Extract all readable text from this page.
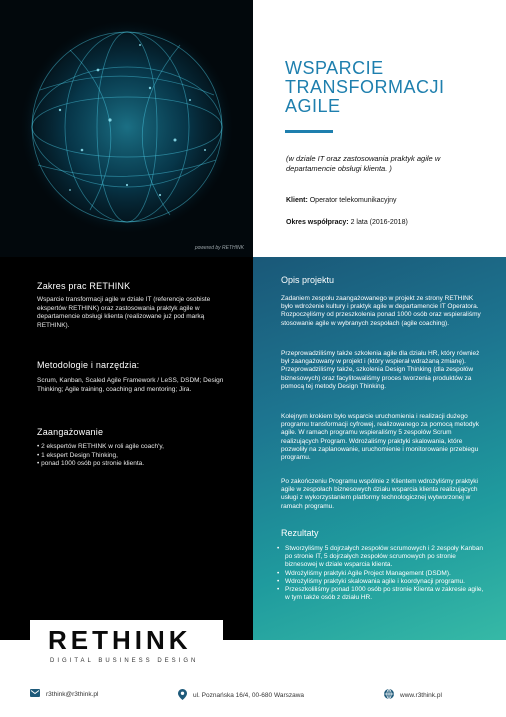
powered by RETHINK
WSPARCIE
TRANSFORMACJI
AGILE
(w dziale IT oraz zastosowania praktyk agile w departamencie obsługi klienta. )
Klient: Operator telekomunikacyjny
Okres współpracy: 2 lata (2016-2018)
Zakres prac RETHINK

Wsparcie transformacji agile w dziale IT (referencje osobiste ekspertów RETHINK) oraz zastosowania praktyk agile w departamencie obsługi klienta (realizowane już pod marką RETHINK).

Metodologie i narzędzia:

Scrum, Kanban, Scaled Agile Framework / LeSS, DSDM; Design Thinking; Agile training, coaching and mentoring; Jira.

Zaangażowanie
• 2 ekspertów RETHINK w roli agile coach'y,
• 1 ekspert Design Thinking,
• ponad 1000 osób po stronie klienta.
Opis projektu

Zadaniem zespołu zaangażowanego w projekt ze strony RETHINK było wdrożenie kultury i praktyk agile w departamencie IT Operatora. Rozpoczęliśmy od przeszkolenia ponad 1000 osób oraz wspieraliśmy stosowanie agile w wybranych zespołach (agile coaching).

Przeprowadziliśmy także szkolenia agile dla działu HR, który również był zaangażowany w projekt i (który wspierał wdrażaną zmianę). Przeprowadziliśmy także, szkolenia Design Thinking (dla zespołów biznesowych) oraz facylitowaliśmy proces tworzenia produktów za pomocą tej metody Design Thinking.

Kolejnym krokiem było wsparcie uruchomienia i realizacji dużego programu transformacji cyfrowej, realizowanego za pomocą metodyk agile. W ramach programu wspieraliśmy 5 zespołów Scrum realizujących Program. Wdrożaliśmy praktyki skalowania, które pozwoliły na zaplanowanie, uruchomienie i monitorowanie przebiegu programu.

Po zakończeniu Programu wspólnie z Klientem wdrożyliśmy praktyki agile w zespołach biznesowych działu wsparcia klienta realizujących usługi z wykorzystaniem platformy technologicznej wytworzonej w ramach programu.

Rezultaty
• Stworzyliśmy 5 dojrzałych zespołów scrumowych i 2 zespoły Kanban po stronie IT, 5 dojrzałych zespołów scrumowych po stronie biznesowej w dziale wsparcia klienta.
• Wdrożyliśmy praktyki Agile Project Management (DSDM).
• Wdrożyliśmy praktyki skalowania agile i koordynacji programu.
• Przeszkoliliśmy ponad 1000 osób po stronie Klienta w zakresie agile, w tym także osób z działu HR.
RETHINK
DIGITAL BUSINESS DESIGN
r3think@r3think.pl	ul. Poznańska 16/4, 00-680 Warszawa	www.r3think.pl
